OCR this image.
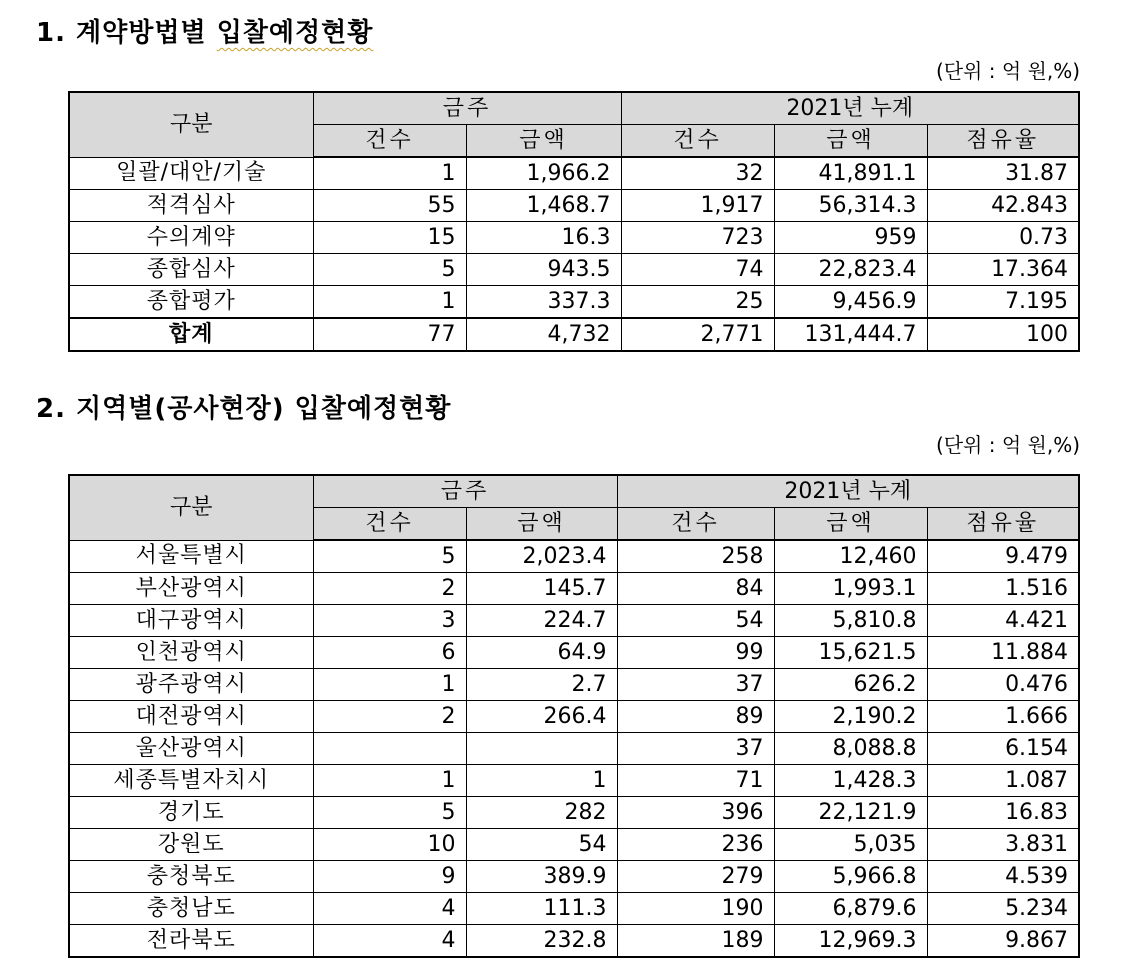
1. 계약방법별 입찰예정현황
(단위 : 억 원,%)
구분	금주		2021년 누계		
	건수	금액	건수	금액	점유율
일괄/대안/기술	1	1,966.2	32	41,891.1	31.87
적격심사	55	1,468.7	1,917	56,314.3	42.843
수의계약	15	16.3	723	959	0.73
종합심사	5	943.5	74	22,823.4	17.364
종합평가	1	337.3	25	9,456.9	7.195
합계	77	4,732	2,771	131,444.7	100
2. 지역별(공사현장) 입찰예정현황
(단위 : 억 원,%)
구분	금주		2021년 누계		
	건수	금액	건수	금액	점유율
서울특별시	5	2,023.4	258	12,460	9.479
부산광역시	2	145.7	84	1,993.1	1.516
대구광역시	3	224.7	54	5,810.8	4.421
인천광역시	6	64.9	99	15,621.5	11.884
광주광역시	1	2.7	37	626.2	0.476
대전광역시	2	266.4	89	2,190.2	1.666
울산광역시			37	8,088.8	6.154
세종특별자치시	1	1	71	1,428.3	1.087
경기도	5	282	396	22,121.9	16.83
강원도	10	54	236	5,035	3.831
충청북도	9	389.9	279	5,966.8	4.539
충청남도	4	111.3	190	6,879.6	5.234
전라북도	4	232.8	189	12,969.3	9.867
